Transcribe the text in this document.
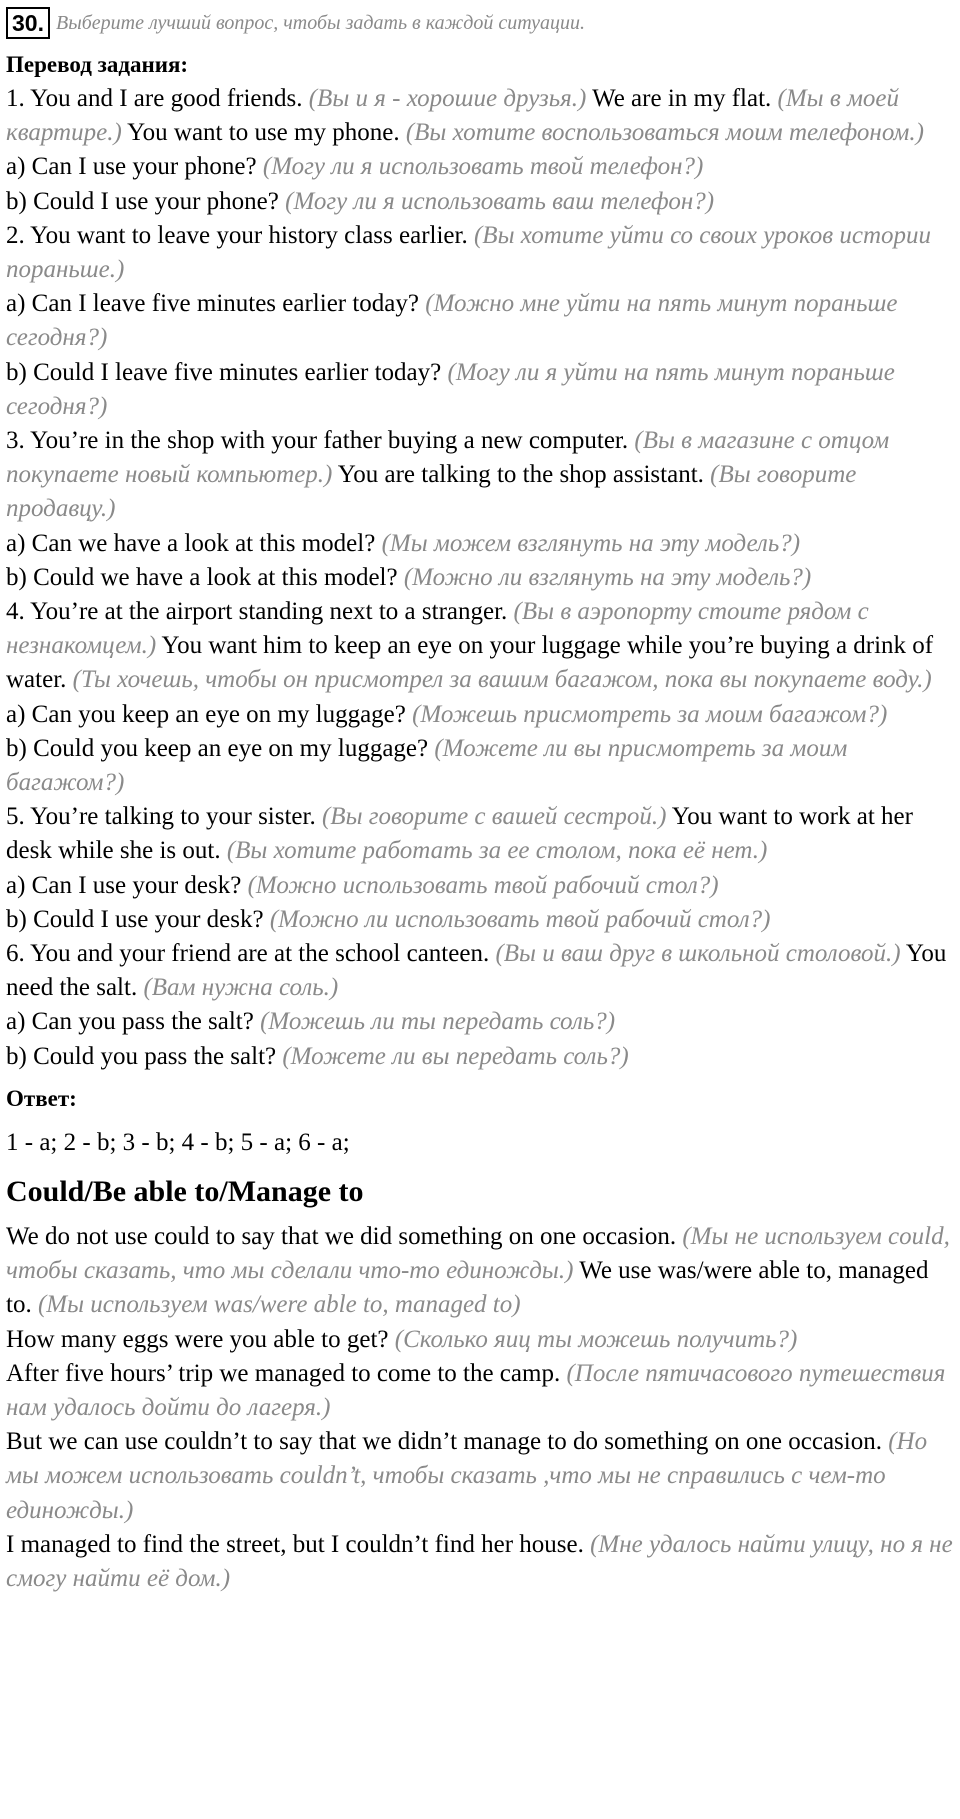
30. Выберите лучший вопрос, чтобы задать в каждой ситуации.
Перевод задания:

1. You and I are good friends. (Вы и я - хорошие друзья.) We are in my flat. (Мы в моей квартире.) You want to use my phone. (Вы хотите воспользоваться моим телефоном.)

a) Can I use your phone? (Могу ли я использовать твой телефон?)

b) Could I use your phone? (Могу ли я использовать ваш телефон?)

2. You want to leave your history class earlier. (Вы хотите уйти со своих уроков истории пораньше.)

a) Can I leave five minutes earlier today? (Можно мне уйти на пять минут пораньше сегодня?)

b) Could I leave five minutes earlier today? (Могу ли я уйти на пять минут пораньше сегодня?)

3. You’re in the shop with your father buying a new computer. (Вы в магазине с отцом покупаете новый компьютер.) You are talking to the shop assistant. (Вы говорите продавцу.)

a) Can we have a look at this model? (Мы можем взглянуть на эту модель?)

b) Could we have a look at this model? (Можно ли взглянуть на эту модель?)

4. You’re at the airport standing next to a stranger. (Вы в аэропорту стоите рядом с незнакомцем.) You want him to keep an eye on your luggage while you’re buying a drink of water. (Ты хочешь, чтобы он присмотрел за вашим багажом, пока вы покупаете воду.)

a) Can you keep an eye on my luggage? (Можешь присмотреть за моим багажом?)

b) Could you keep an eye on my luggage? (Можете ли вы присмотреть за моим багажом?)

5. You’re talking to your sister. (Вы говорите с вашей сестрой.) You want to work at her desk while she is out. (Вы хотите работать за ее столом, пока её нет.)

a) Can I use your desk? (Можно использовать твой рабочий стол?)

b) Could I use your desk? (Можно ли использовать твой рабочий стол?)

6. You and your friend are at the school canteen. (Вы и ваш друг в школьной столовой.) You need the salt. (Вам нужна соль.)

a) Can you pass the salt? (Можешь ли ты передать соль?)

b) Could you pass the salt? (Можете ли вы передать соль?)

Ответ:
1 - a; 2 - b; 3 - b; 4 - b; 5 - a; 6 - a;
Could/Be able to/Manage to

We do not use could to say that we did something on one occasion. (Мы не используем could, чтобы сказать, что мы сделали что-то единожды.) We use was/were able to, managed to. (Мы используем was/were able to, managed to)

How many eggs were you able to get? (Сколько яиц ты можешь получить?)

After five hours’ trip we managed to come to the camp. (После пятичасового путешествия нам удалось дойти до лагеря.)

But we can use couldn’t to say that we didn’t manage to do something on one occasion. (Но мы можем использовать couldn’t, чтобы сказать ,что мы не справились с чем-то единожды.)

I managed to find the street, but I couldn’t find her house. (Мне удалось найти улицу, но я не смогу найти её дом.)
